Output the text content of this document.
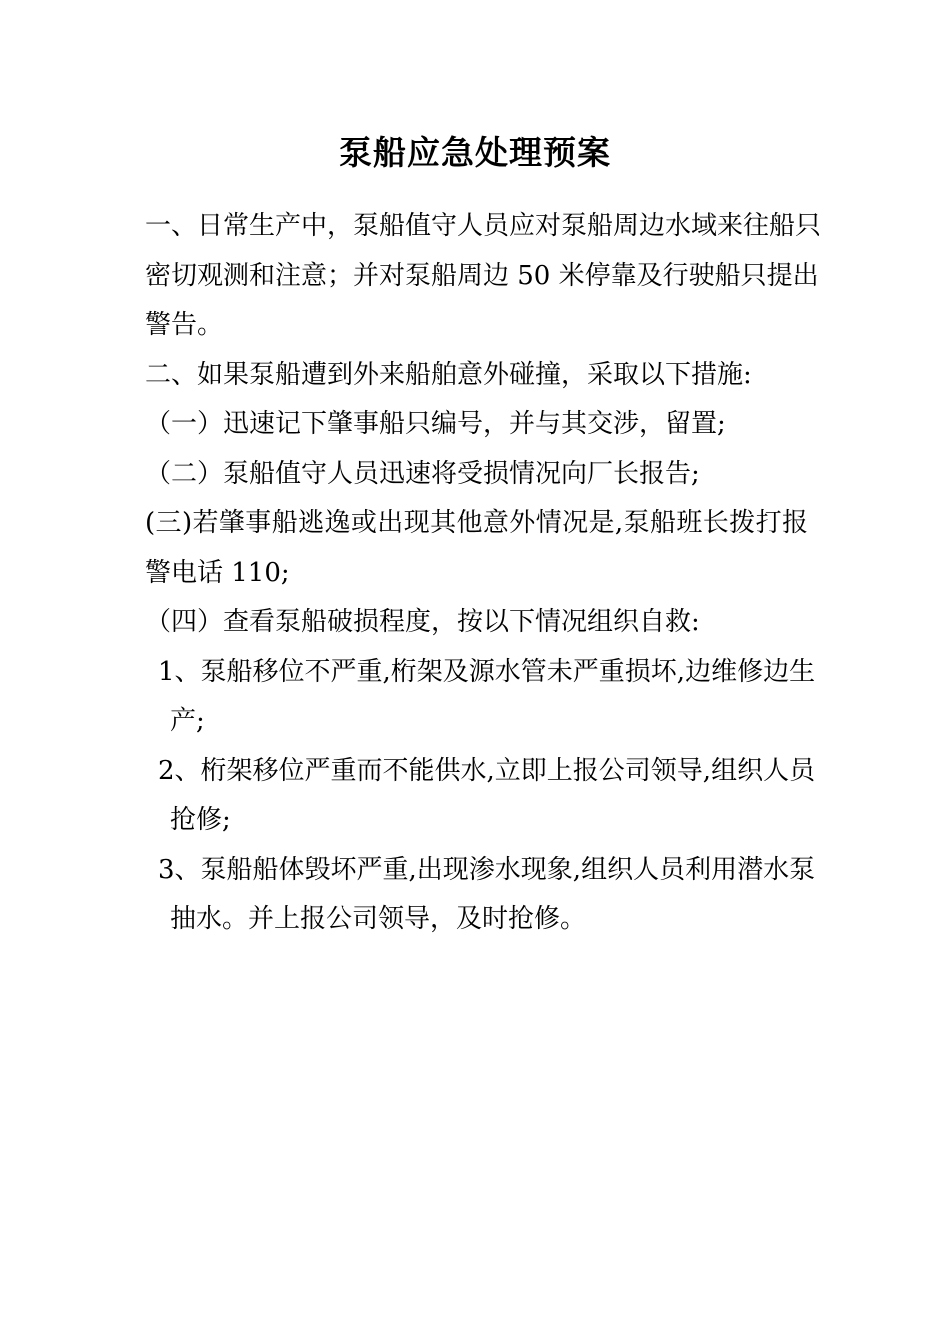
泵船应急处理预案
一、日常生产中，泵船值守人员应对泵船周边水域来往船只
密切观测和注意；并对泵船周边 50 米停靠及行驶船只提出
警告。
二、如果泵船遭到外来船舶意外碰撞，采取以下措施:
（一）迅速记下肇事船只编号，并与其交涉，留置;
（二）泵船值守人员迅速将受损情况向厂长报告;
(三)若肇事船逃逸或出现其他意外情况是,泵船班长拨打报
警电话 110;
（四）查看泵船破损程度，按以下情况组织自救:
1、泵船移位不严重,桁架及源水管未严重损坏,边维修边生
产;
2、桁架移位严重而不能供水,立即上报公司领导,组织人员
抢修;
3、泵船船体毁坏严重,出现渗水现象,组织人员利用潜水泵
抽水。并上报公司领导，及时抢修。
